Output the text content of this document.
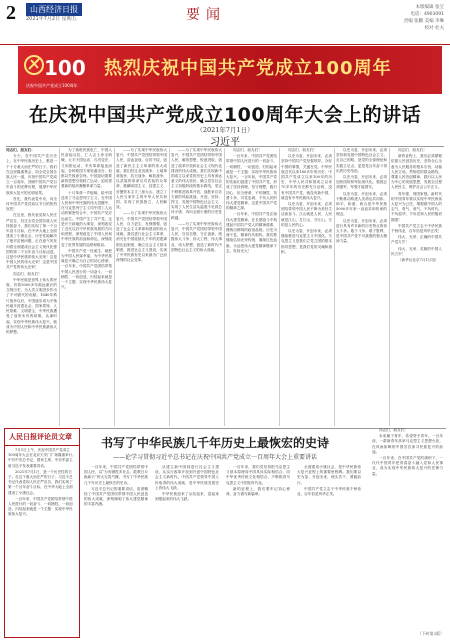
2	山西经济日报
2021年7月2日 星期五	要闻	本版编辑 张宝
电话：4903091
责编 张鹏 美编 李琳
校对 杜夫
100
庆祝中国共产党成立100周年
热烈庆祝中国共产党成立100周年
在庆祝中国共产党成立100周年大会上的讲话
（2021年7月1日）
习近平

同志们，朋友们：

今天，在中国共产党历史上，在中华民族历史上，都是一个十分重大而庄严的日子。我们在这里隆重集会，同全党全国各族人民一道，庆祝中国共产党成立一百周年，回顾中国共产党百年奋斗的光辉历程，展望中华民族伟大复兴的光明前景。

首先，我代表党中央，向全体中国共产党员致以节日的热烈祝贺！

在这里，我代表党和人民庄严宣告，经过全党全国各族人民持续奋斗，我们实现了第一个百年奋斗目标，在中华大地上全面建成了小康社会，历史性地解决了绝对贫困问题，正在意气风发向着全面建成社会主义现代化强国的第二个百年奋斗目标迈进。这是中华民族的伟大光荣！这是中国人民的伟大光荣！这是中国共产党的伟大光荣！

同志们、朋友们！

中华民族是世界上伟大的民族，有着5000多年源远流长的文明历史，为人类文明进步作出了不可磨灭的贡献。1840年鸦片战争以后，中国逐步成为半殖民地半封建社会，国家蒙辱、人民蒙难、文明蒙尘，中华民族遭受了前所未有的劫难。从那时起，实现中华民族伟大复兴，就成为中国人民和中华民族最伟大的梦想。

为了拯救民族危亡，中国人民奋起反抗，仁人志士奔走呐喊，太平天国运动、戊戌变法、义和团运动、辛亥革命接连而起，各种救国方案轮番出台，但都以失败而告终。中国迫切需要新的思想引领救亡运动，迫切需要新的组织凝聚革命力量。

十月革命一声炮响，给中国送来了马克思列宁主义。在中国人民和中华民族的伟大觉醒中，在马克思列宁主义同中国工人运动的紧密结合中，中国共产党应运而生。中国产生了共产党，这是开天辟地的大事变，深刻改变了近代以后中华民族发展的方向和进程，深刻改变了中国人民和中华民族的前途和命运，深刻改变了世界发展的趋势和格局。

中国共产党一经诞生，就把为中国人民谋幸福、为中华民族谋复兴确立为自己的初心使命。一百年来，中国共产党团结带领中国人民进行的一切奋斗、一切牺牲、一切创造，归结起来就是一个主题：实现中华民族伟大复兴。

——为了实现中华民族伟大复兴，中国共产党团结带领中国人民，浴血奋战、百折不挠，创造了新民主主义革命的伟大成就。我们经过北伐战争、土地革命战争、抗日战争、解放战争，以武装的革命反对武装的反革命，推翻帝国主义、封建主义、官僚资本主义三座大山，建立了人民当家作主的中华人民共和国，实现了民族独立、人民解放。

——为了实现中华民族伟大复兴，中国共产党团结带领中国人民，自力更生、发愤图强，创造了社会主义革命和建设的伟大成就。我们进行社会主义革命，消灭在中国延续几千年的封建剥削压迫制度，确立社会主义基本制度，推进社会主义建设，实现了中华民族有史以来最为广泛而深刻的社会变革。

——为了实现中华民族伟大复兴，中国共产党团结带领中国人民，解放思想、锐意进取，创造了改革开放和社会主义现代化建设的伟大成就。我们实现新中国成立以来党的历史上具有深远意义的伟大转折，确立党在社会主义初级阶段的基本路线，坚定不移推进改革开放，战胜来自各方面的风险挑战，开创、坚持、捍卫、发展中国特色社会主义，实现了人民生活从温饱不足到总体小康、奔向全面小康的历史性跨越。

——为了实现中华民族伟大复兴，中国共产党团结带领中国人民，自信自强、守正创新，统揽伟大斗争、伟大工程、伟大事业、伟大梦想，创造了新时代中国特色社会主义的伟大成就。

同志们、朋友们！

一百年来，中国共产党团结带领中国人民进行的一切奋斗、一切牺牲、一切创造，归结起来就是一个主题：实现中华民族伟大复兴。一百年前，中国共产党的先驱们创建了中国共产党，形成了坚持真理、坚守理想，践行初心、担当使命，不怕牺牲、英勇斗争，对党忠诚、不负人民的伟大建党精神，这是中国共产党的精神之源。

一百年来，中国共产党弘扬伟大建党精神，在长期奋斗中构建起中国共产党人的精神谱系，锤炼出鲜明的政治品格。历史川流不息，精神代代相传。我们要继续弘扬光荣传统、赓续红色血脉，永远把伟大建党精神继承下去、发扬光大！

同志们、朋友们！

以史为鉴、开创未来，必须坚持中国共产党坚强领导。办好中国的事情，关键在党。中华民族近代以来180多年的历史、中国共产党成立以来100年的历史、中华人民共和国成立以来70多年的历史都充分证明，没有中国共产党，就没有新中国，就没有中华民族伟大复兴。

以史为鉴、开创未来，必须团结带领中国人民不断为美好生活而奋斗。江山就是人民、人民就是江山，打江山、守江山，守的是人民的心。

以史为鉴、开创未来，必须继续推进马克思主义中国化。马克思主义是我们立党立国的根本指导思想，是我们党的灵魂和旗帜。

以史为鉴、开创未来，必须坚持和发展中国特色社会主义。走自己的路，是党的全部理论和实践立足点，更是党百年奋斗得出的历史结论。

以史为鉴、开创未来，必须加快国防和军队现代化。强国必须强军，军强才能国安。

以史为鉴、开创未来，必须不断推动构建人类命运共同体。和平、和谐、和合是中华民族5000多年来一直追求和传承的理念。

以史为鉴、开创未来，必须进行具有许多新的历史特点的伟大斗争。敢于斗争、敢于胜利，是中国共产党不可战胜的强大精神力量。

同志们、朋友们！

新的征程上，我们必须紧紧依靠人民创造历史，坚持全心全意为人民服务的根本宗旨，站稳人民立场，贯彻党的群众路线，尊重人民首创精神，践行以人民为中心的发展思想，发展全过程人民民主，维护社会公平正义。

青年强，则国家强。新时代的中国青年要以实现中华民族伟大复兴为己任，增强做中国人的志气、骨气、底气，不负时代，不负韶华，不负党和人民的殷切期望！

中国共产党立志于中华民族千秋伟业，百年恰是风华正茂！

伟大、光荣、正确的中国共产党万岁！

伟大、光荣、英雄的中国人民万岁！

（新华社北京7月1日电）

人民日报评论员文章

7月1日上午，庆祝中国共产党成立100周年大会在北京天安门广场隆重举行。中共中央总书记、国家主席、中央军委主席习近平发表重要讲话。

2021年7月1日，是一个历史性的日子。在这个重大而庄严的日子，习近平总书记代表党和人民庄严宣告，我们实现了第一个百年奋斗目标，在中华大地上全面建成了小康社会。

一百年来，中国共产党团结带领中国人民进行的一切奋斗、一切牺牲、一切创造，归结起来就是一个主题：实现中华民族伟大复兴。

书写了中华民族几千年历史上最恢宏的史诗
——论学习贯彻习近平总书记在庆祝中国共产党成立一百周年大会上重要讲话

一百年来，中国共产党团结带领中国人民，以“为有牺牲多壮志，敢教日月换新天”的大无畏气概，书写了中华民族几千年历史上最恢宏的史诗。

习近平总书记的重要讲话，高度概括了中国共产党团结带领中国人民创造的伟大成就，深刻阐明了伟大建党精神的丰富内涵。

从建立新中国到进行社会主义建设，从实行改革开放到开创中国特色社会主义新时代，中国共产党领导中国人民取得的伟大成就，是中华民族发展史上的伟大飞跃。

中华民族迎来了从站起来、富起来到强起来的伟大飞跃。

一百年来，我们党坚持把马克思主义基本原理同中国具体实际相结合，同中华优秀传统文化相结合，不断推进马克思主义中国化时代化。

新的征程上，我们要牢记初心使命，奋力谱写新篇章。

全面建成小康社会，是中华民族伟大复兴征程上的重要里程碑。我们要以史为鉴、开创未来，埋头苦干、勇毅前行。

中国共产党立志于中华民族千秋伟业，百年恰是风华正茂。

同志们、朋友们！

未来属于青年，希望寄予青年。一百年前，一群新青年高举马克思主义思想火炬，在风雨如晦的中国苦苦探寻民族复兴的前途。

一百年来，在中国共产党的旗帜下，一代代中国青年把青春奋斗融入党和人民事业，成为实现中华民族伟大复兴的先锋力量。

（下转第3版）
